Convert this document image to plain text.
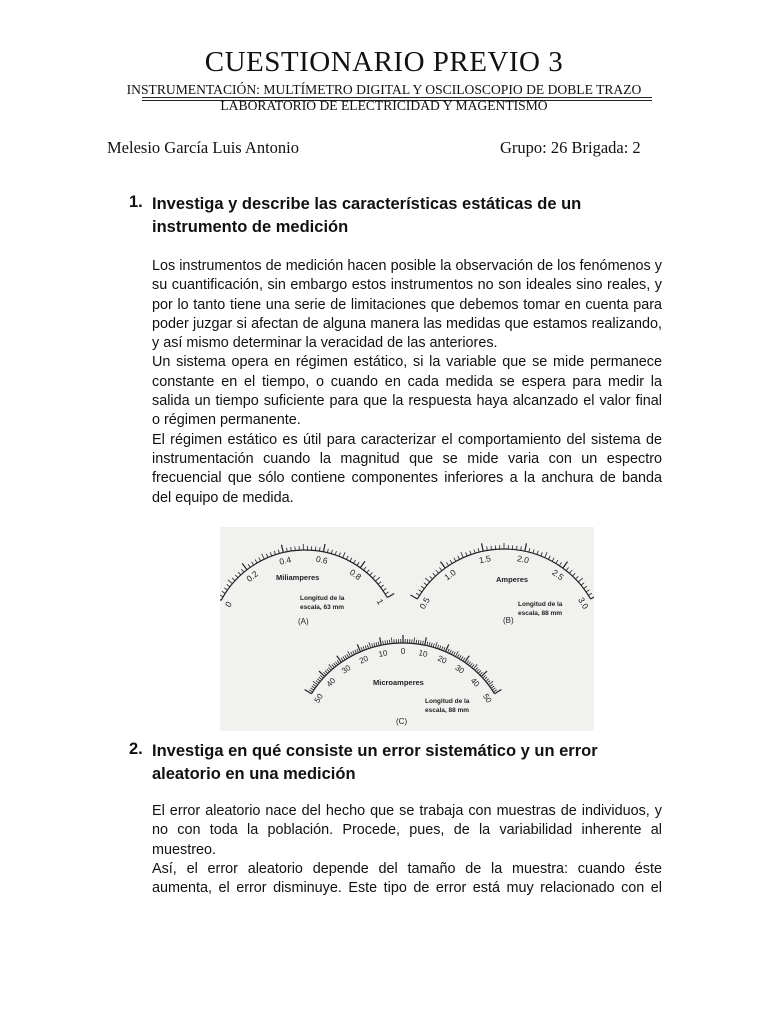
CUESTIONARIO PREVIO 3
INSTRUMENTACIÓN: MULTÍMETRO DIGITAL Y OSCILOSCOPIO DE DOBLE TRAZO
LABORATORIO DE ELECTRICIDAD Y MAGENTISMO
Melesio García Luis Antonio	Grupo: 26 Brigada: 2
1. Investiga y describe las características estáticas de un instrumento de medición

Los instrumentos de medición hacen posible la observación de los fenómenos y su cuantificación, sin embargo estos instrumentos no son ideales sino reales, y por lo tanto tiene una serie de limitaciones que debemos tomar en cuenta para poder juzgar si afectan de alguna manera las medidas que estamos realizando, y así mismo determinar la veracidad de las anteriores.

Un sistema opera en régimen estático, si la variable que se mide permanece constante en el tiempo, o cuando en cada medida se espera para medir la salida un tiempo suficiente para que la respuesta haya alcanzado el valor final o régimen permanente.

El régimen estático es útil para caracterizar el comportamiento del sistema de instrumentación cuando la magnitud que se mide varia con un espectro frecuencial que sólo contiene componentes inferiores a la anchura de banda del equipo de medida.

0
0.2
0.4	0.6
0.8
1	0.5
1.0
1.5	2.0
2.5
3.0
50
40
30
20
10 0 10
20
30
40
50
Miliamperes
Longitud de la
escala, 63 mm
(A)
Amperes
Longitud de la
escala, 88 mm
(B)
Microamperes
Longitud de la
escala, 88 mm
(C)
2. Investiga en qué consiste un error sistemático y un error aleatorio en una medición

El error aleatorio nace del hecho que se trabaja con muestras de individuos, y no con toda la población. Procede, pues, de la variabilidad inherente al muestreo.

Así, el error aleatorio depende del tamaño de la muestra: cuando éste aumenta, el error disminuye. Este tipo de error está muy relacionado con el
